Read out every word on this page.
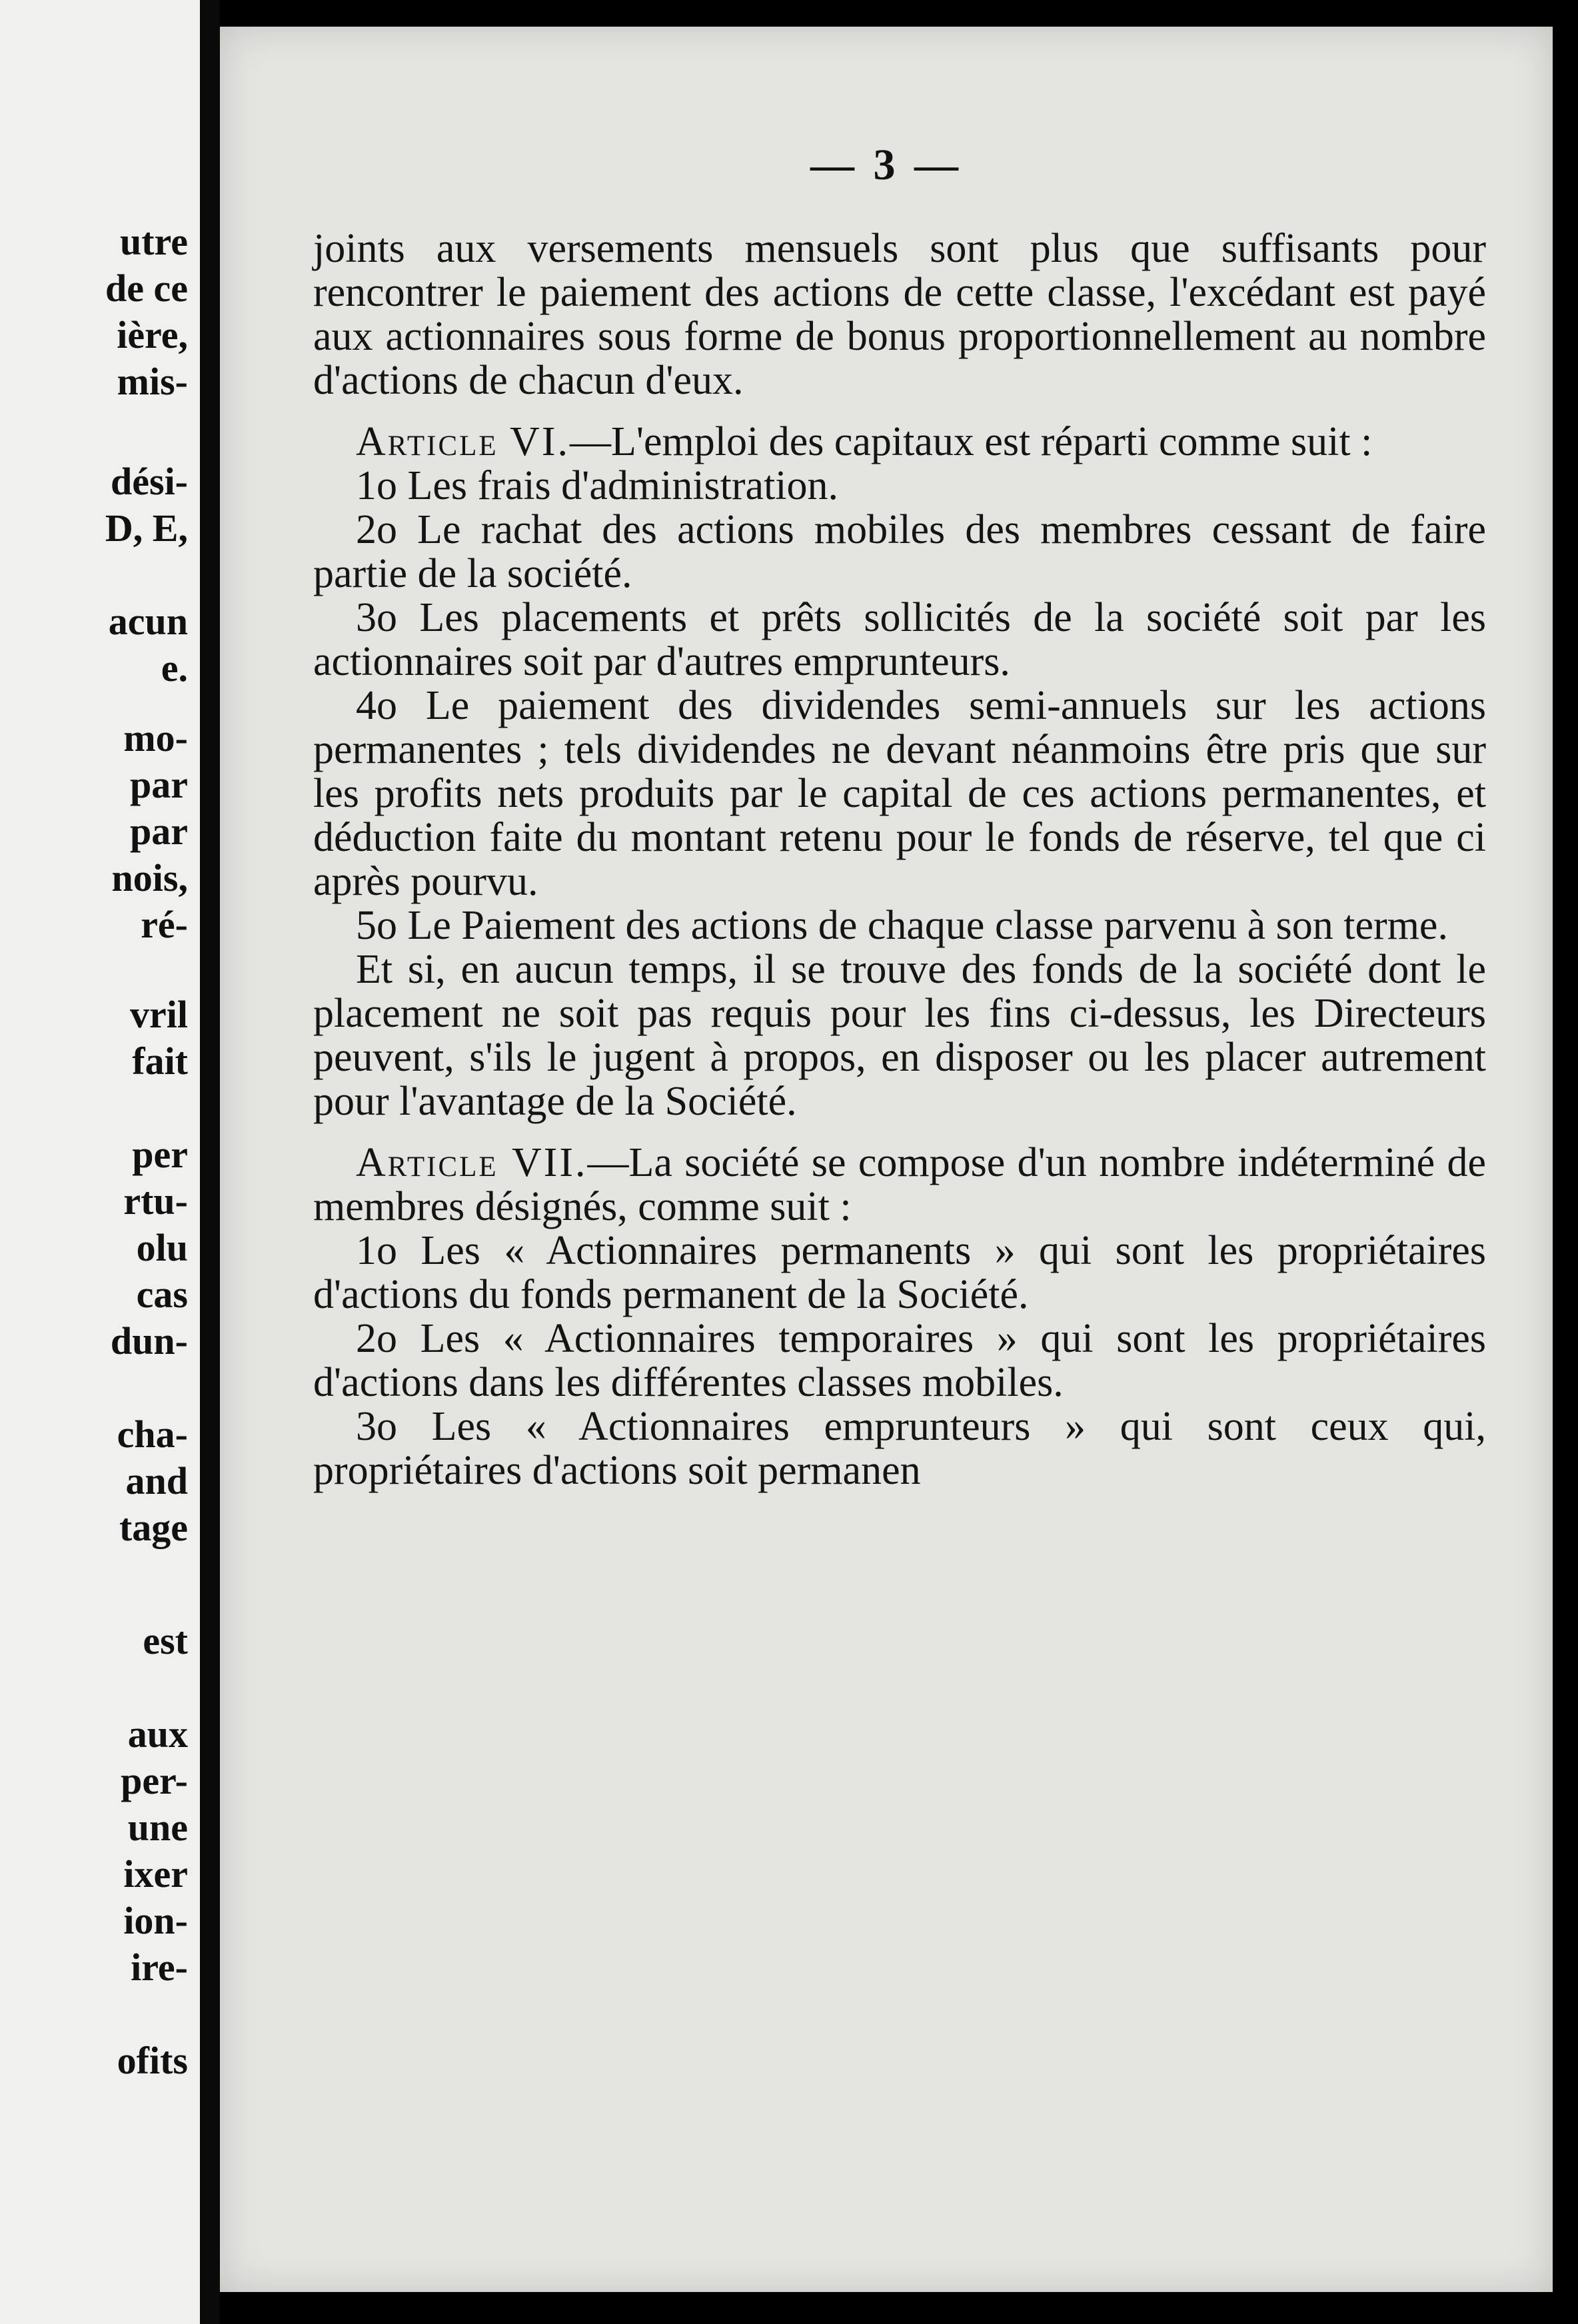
utre
de ce
ière,
mis-
dési-
D, E,
acun
e.
mo-
par
par
nois,
ré-
vril
fait
per
rtu-
olu
cas
dun-
cha-
and
tage
est
aux
per-
une
ixer
ion-
ire-
ofits
— 3 —

joints aux versements mensuels sont plus que suffisants pour rencontrer le paiement des actions de cette classe, l'excédant est payé aux actionnaires sous forme de bonus proportionnellement au nombre d'actions de chacun d'eux.

Article VI.—L'emploi des capitaux est réparti comme suit :

1o Les frais d'administration.

2o Le rachat des actions mobiles des membres cessant de faire partie de la société.

3o Les placements et prêts sollicités de la société soit par les actionnaires soit par d'autres emprunteurs.

4o Le paiement des dividendes semi-annuels sur les actions permanentes ; tels dividendes ne devant néanmoins être pris que sur les profits nets produits par le capital de ces actions permanentes, et déduction faite du montant retenu pour le fonds de réserve, tel que ci après pourvu.

5o Le Paiement des actions de chaque classe parvenu à son terme.

Et si, en aucun temps, il se trouve des fonds de la société dont le placement ne soit pas requis pour les fins ci-dessus, les Directeurs peuvent, s'ils le jugent à propos, en disposer ou les placer autrement pour l'avantage de la Société.

Article VII.—La société se compose d'un nombre indéterminé de membres désignés, comme suit :

1o Les « Actionnaires permanents » qui sont les propriétaires d'actions du fonds permanent de la Société.

2o Les « Actionnaires temporaires » qui sont les propriétaires d'actions dans les différentes classes mobiles.

3o Les « Actionnaires emprunteurs » qui sont ceux qui, propriétaires d'actions soit permanen
